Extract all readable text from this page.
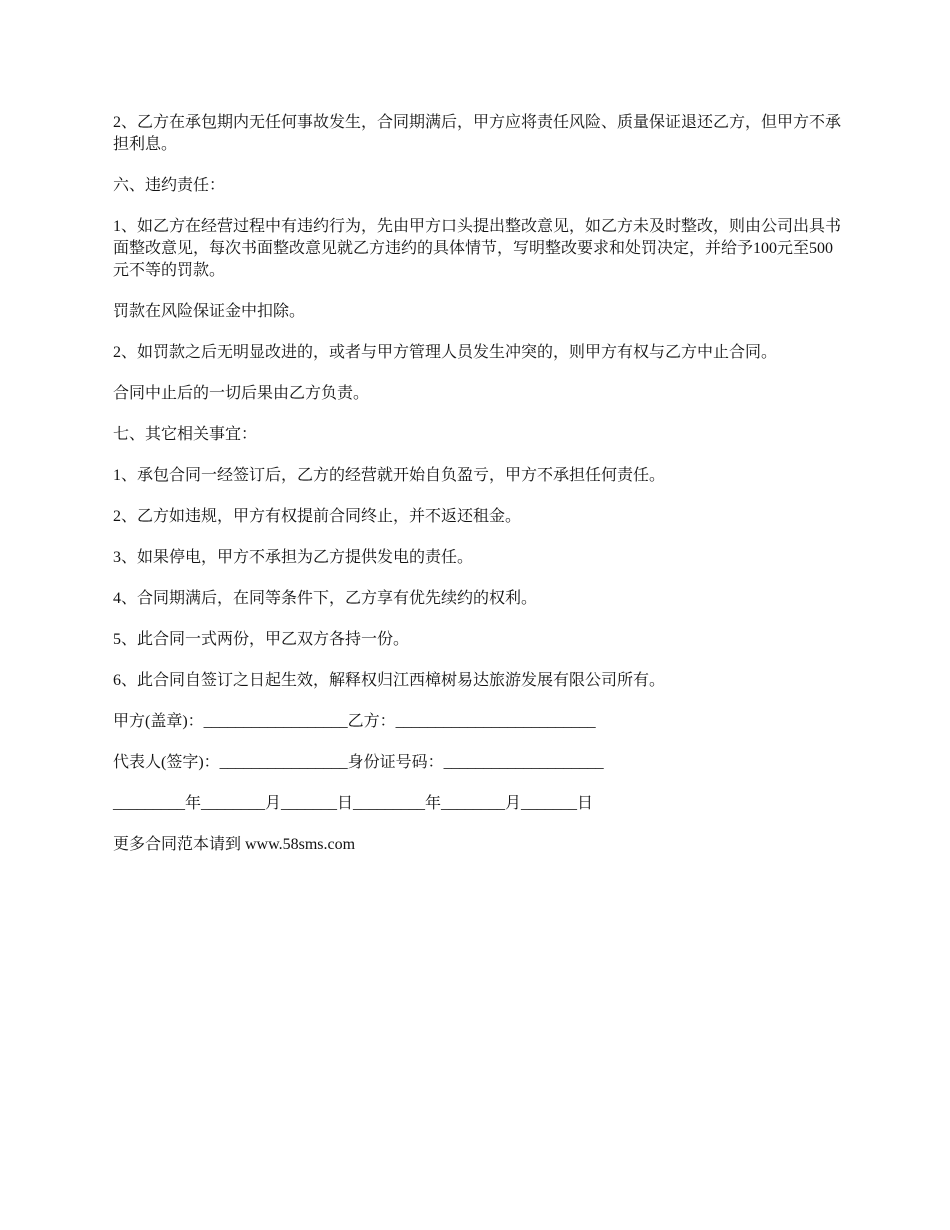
2、乙方在承包期内无任何事故发生，合同期满后，甲方应将责任风险、质量保证退还乙方，但甲方不承担利息。

六、违约责任：

1、如乙方在经营过程中有违约行为，先由甲方口头提出整改意见，如乙方未及时整改，则由公司出具书面整改意见，每次书面整改意见就乙方违约的具体情节，写明整改要求和处罚决定，并给予100元至500元不等的罚款。

罚款在风险保证金中扣除。

2、如罚款之后无明显改进的，或者与甲方管理人员发生冲突的，则甲方有权与乙方中止合同。

合同中止后的一切后果由乙方负责。

七、其它相关事宜：

1、承包合同一经签订后，乙方的经营就开始自负盈亏，甲方不承担任何责任。

2、乙方如违规，甲方有权提前合同终止，并不返还租金。

3、如果停电，甲方不承担为乙方提供发电的责任。

4、合同期满后，在同等条件下，乙方享有优先续约的权利。

5、此合同一式两份，甲乙双方各持一份。

6、此合同自签订之日起生效，解释权归江西樟树易达旅游发展有限公司所有。

甲方(盖章)：__________________乙方：_________________________

代表人(签字)：________________身份证号码：____________________

_________年________月_______日_________年________月_______日

更多合同范本请到 www.58sms.com
